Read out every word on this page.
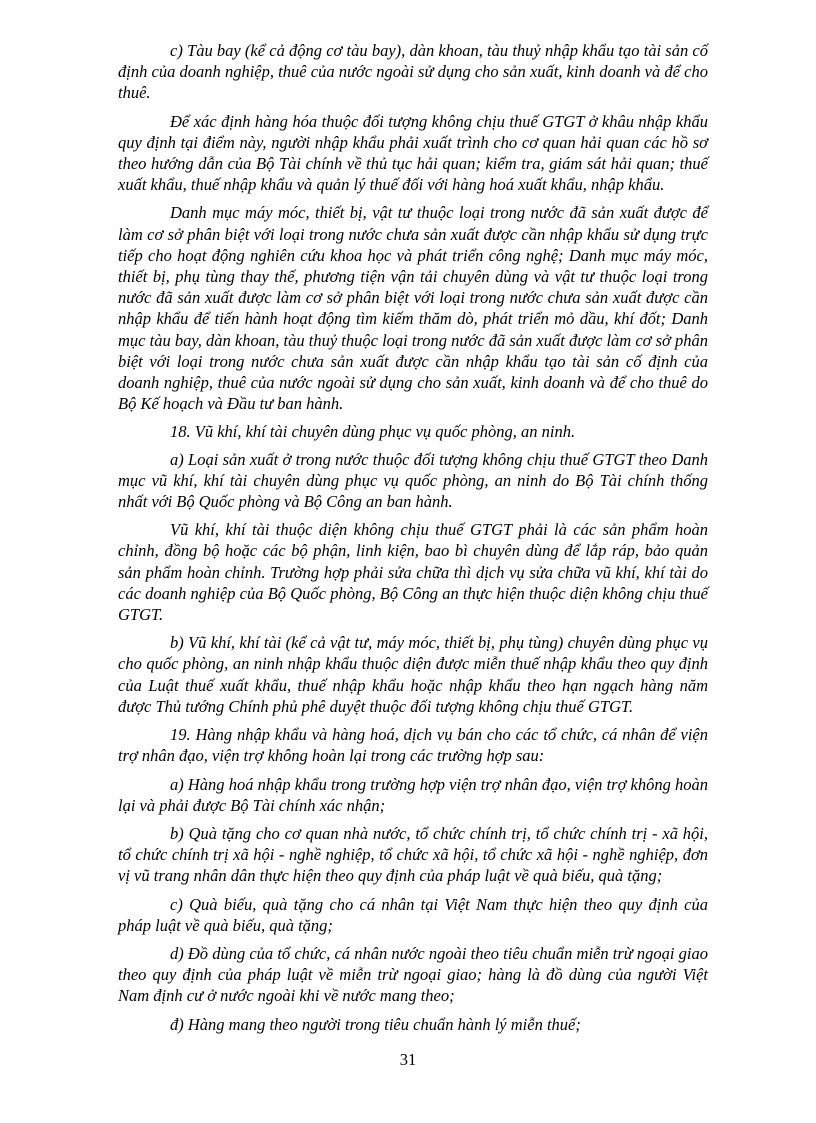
c) Tàu bay (kể cả động cơ tàu bay), dàn khoan, tàu thuỷ nhập khẩu tạo tài sản cố định của doanh nghiệp, thuê của nước ngoài sử dụng cho sản xuất, kinh doanh và để cho thuê.

Để xác định hàng hóa thuộc đối tượng không chịu thuế GTGT ở khâu nhập khẩu quy định tại điểm này, người nhập khẩu phải xuất trình cho cơ quan hải quan các hồ sơ theo hướng dẫn của Bộ Tài chính về thủ tục hải quan; kiểm tra, giám sát hải quan; thuế xuất khẩu, thuế nhập khẩu và quản lý thuế đối với hàng hoá xuất khẩu, nhập khẩu.

Danh mục máy móc, thiết bị, vật tư thuộc loại trong nước đã sản xuất được để làm cơ sở phân biệt với loại trong nước chưa sản xuất được cần nhập khẩu sử dụng trực tiếp cho hoạt động nghiên cứu khoa học và phát triển công nghệ; Danh mục máy móc, thiết bị, phụ tùng thay thế, phương tiện vận tải chuyên dùng và vật tư thuộc loại trong nước đã sản xuất được làm cơ sở phân biệt với loại trong nước chưa sản xuất được cần nhập khẩu để tiến hành hoạt động tìm kiếm thăm dò, phát triển mỏ dầu, khí đốt; Danh mục tàu bay, dàn khoan, tàu thuỷ thuộc loại trong nước đã sản xuất được làm cơ sở phân biệt với loại trong nước chưa sản xuất được cần nhập khẩu tạo tài sản cố định của doanh nghiệp, thuê của nước ngoài sử dụng cho sản xuất, kinh doanh và để cho thuê do Bộ Kế hoạch và Đầu tư ban hành.

18. Vũ khí, khí tài chuyên dùng phục vụ quốc phòng, an ninh.

a) Loại sản xuất ở trong nước thuộc đối tượng không chịu thuế GTGT theo Danh mục vũ khí, khí tài chuyên dùng phục vụ quốc phòng, an ninh do Bộ Tài chính thống nhất với Bộ Quốc phòng và Bộ Công an ban hành.

Vũ khí, khí tài thuộc diện không chịu thuế GTGT phải là các sản phẩm hoàn chỉnh, đồng bộ hoặc các bộ phận, linh kiện, bao bì chuyên dùng để lắp ráp, bảo quản sản phẩm hoàn chỉnh. Trường hợp phải sửa chữa thì dịch vụ sửa chữa vũ khí, khí tài do các doanh nghiệp của Bộ Quốc phòng, Bộ Công an thực hiện thuộc diện không chịu thuế GTGT.

b) Vũ khí, khí tài (kể cả vật tư, máy móc, thiết bị, phụ tùng) chuyên dùng phục vụ cho quốc phòng, an ninh nhập khẩu thuộc diện được miễn thuế nhập khẩu theo quy định của Luật thuế xuất khẩu, thuế nhập khẩu hoặc nhập khẩu theo hạn ngạch hàng năm được Thủ tướng Chính phủ phê duyệt thuộc đối tượng không chịu thuế GTGT.

19. Hàng nhập khẩu và hàng hoá, dịch vụ bán cho các tổ chức, cá nhân để viện trợ nhân đạo, viện trợ không hoàn lại trong các trường hợp sau:

a) Hàng hoá nhập khẩu trong trường hợp viện trợ nhân đạo, viện trợ không hoàn lại và phải được Bộ Tài chính xác nhận;

b) Quà tặng cho cơ quan nhà nước, tổ chức chính trị, tổ chức chính trị - xã hội, tổ chức chính trị xã hội - nghề nghiệp, tổ chức xã hội, tổ chức xã hội - nghề nghiệp, đơn vị vũ trang nhân dân thực hiện theo quy định của pháp luật về quà biếu, quà tặng;

c) Quà biếu, quà tặng cho cá nhân tại Việt Nam thực hiện theo quy định của pháp luật về quà biếu, quà tặng;

d) Đồ dùng của tổ chức, cá nhân nước ngoài theo tiêu chuẩn miễn trừ ngoại giao theo quy định của pháp luật về miễn trừ ngoại giao; hàng là đồ dùng của người Việt Nam định cư ở nước ngoài khi về nước mang theo;

đ) Hàng mang theo người trong tiêu chuẩn hành lý miễn thuế;

31
